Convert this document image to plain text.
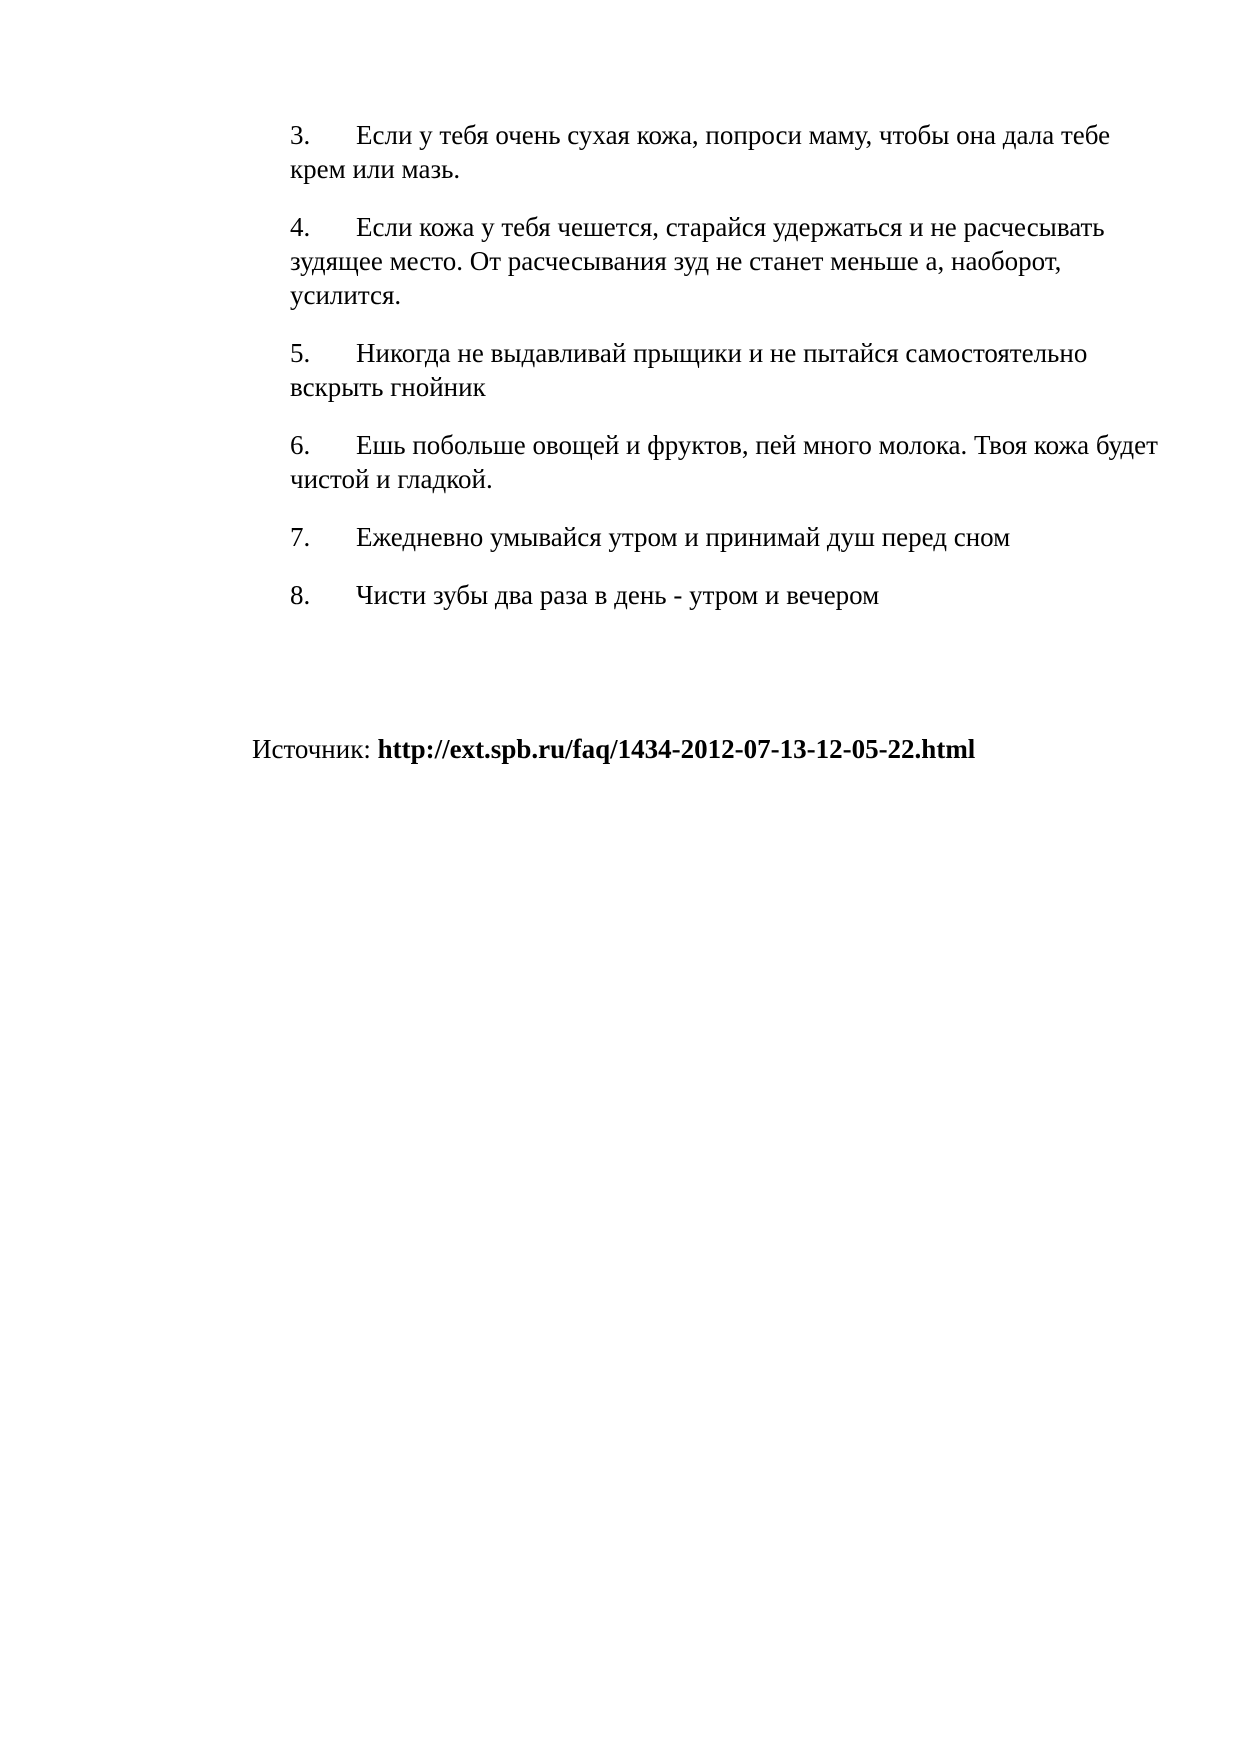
3. Если у тебя очень сухая кожа, попроси маму, чтобы она дала тебе крем или мазь.
4. Если кожа у тебя чешется, старайся удержаться и не расчесывать зудящее место. От расчесывания зуд не станет меньше а, наоборот, усилится.
5. Никогда не выдавливай прыщики и не пытайся самостоятельно вскрыть гнойник
6. Ешь побольше овощей и фруктов, пей много молока. Твоя кожа будет чистой и гладкой.
7. Ежедневно умывайся утром и принимай душ перед сном
8. Чисти зубы два раза в день - утром и вечером
Источник: http://ext.spb.ru/faq/1434-2012-07-13-12-05-22.html
